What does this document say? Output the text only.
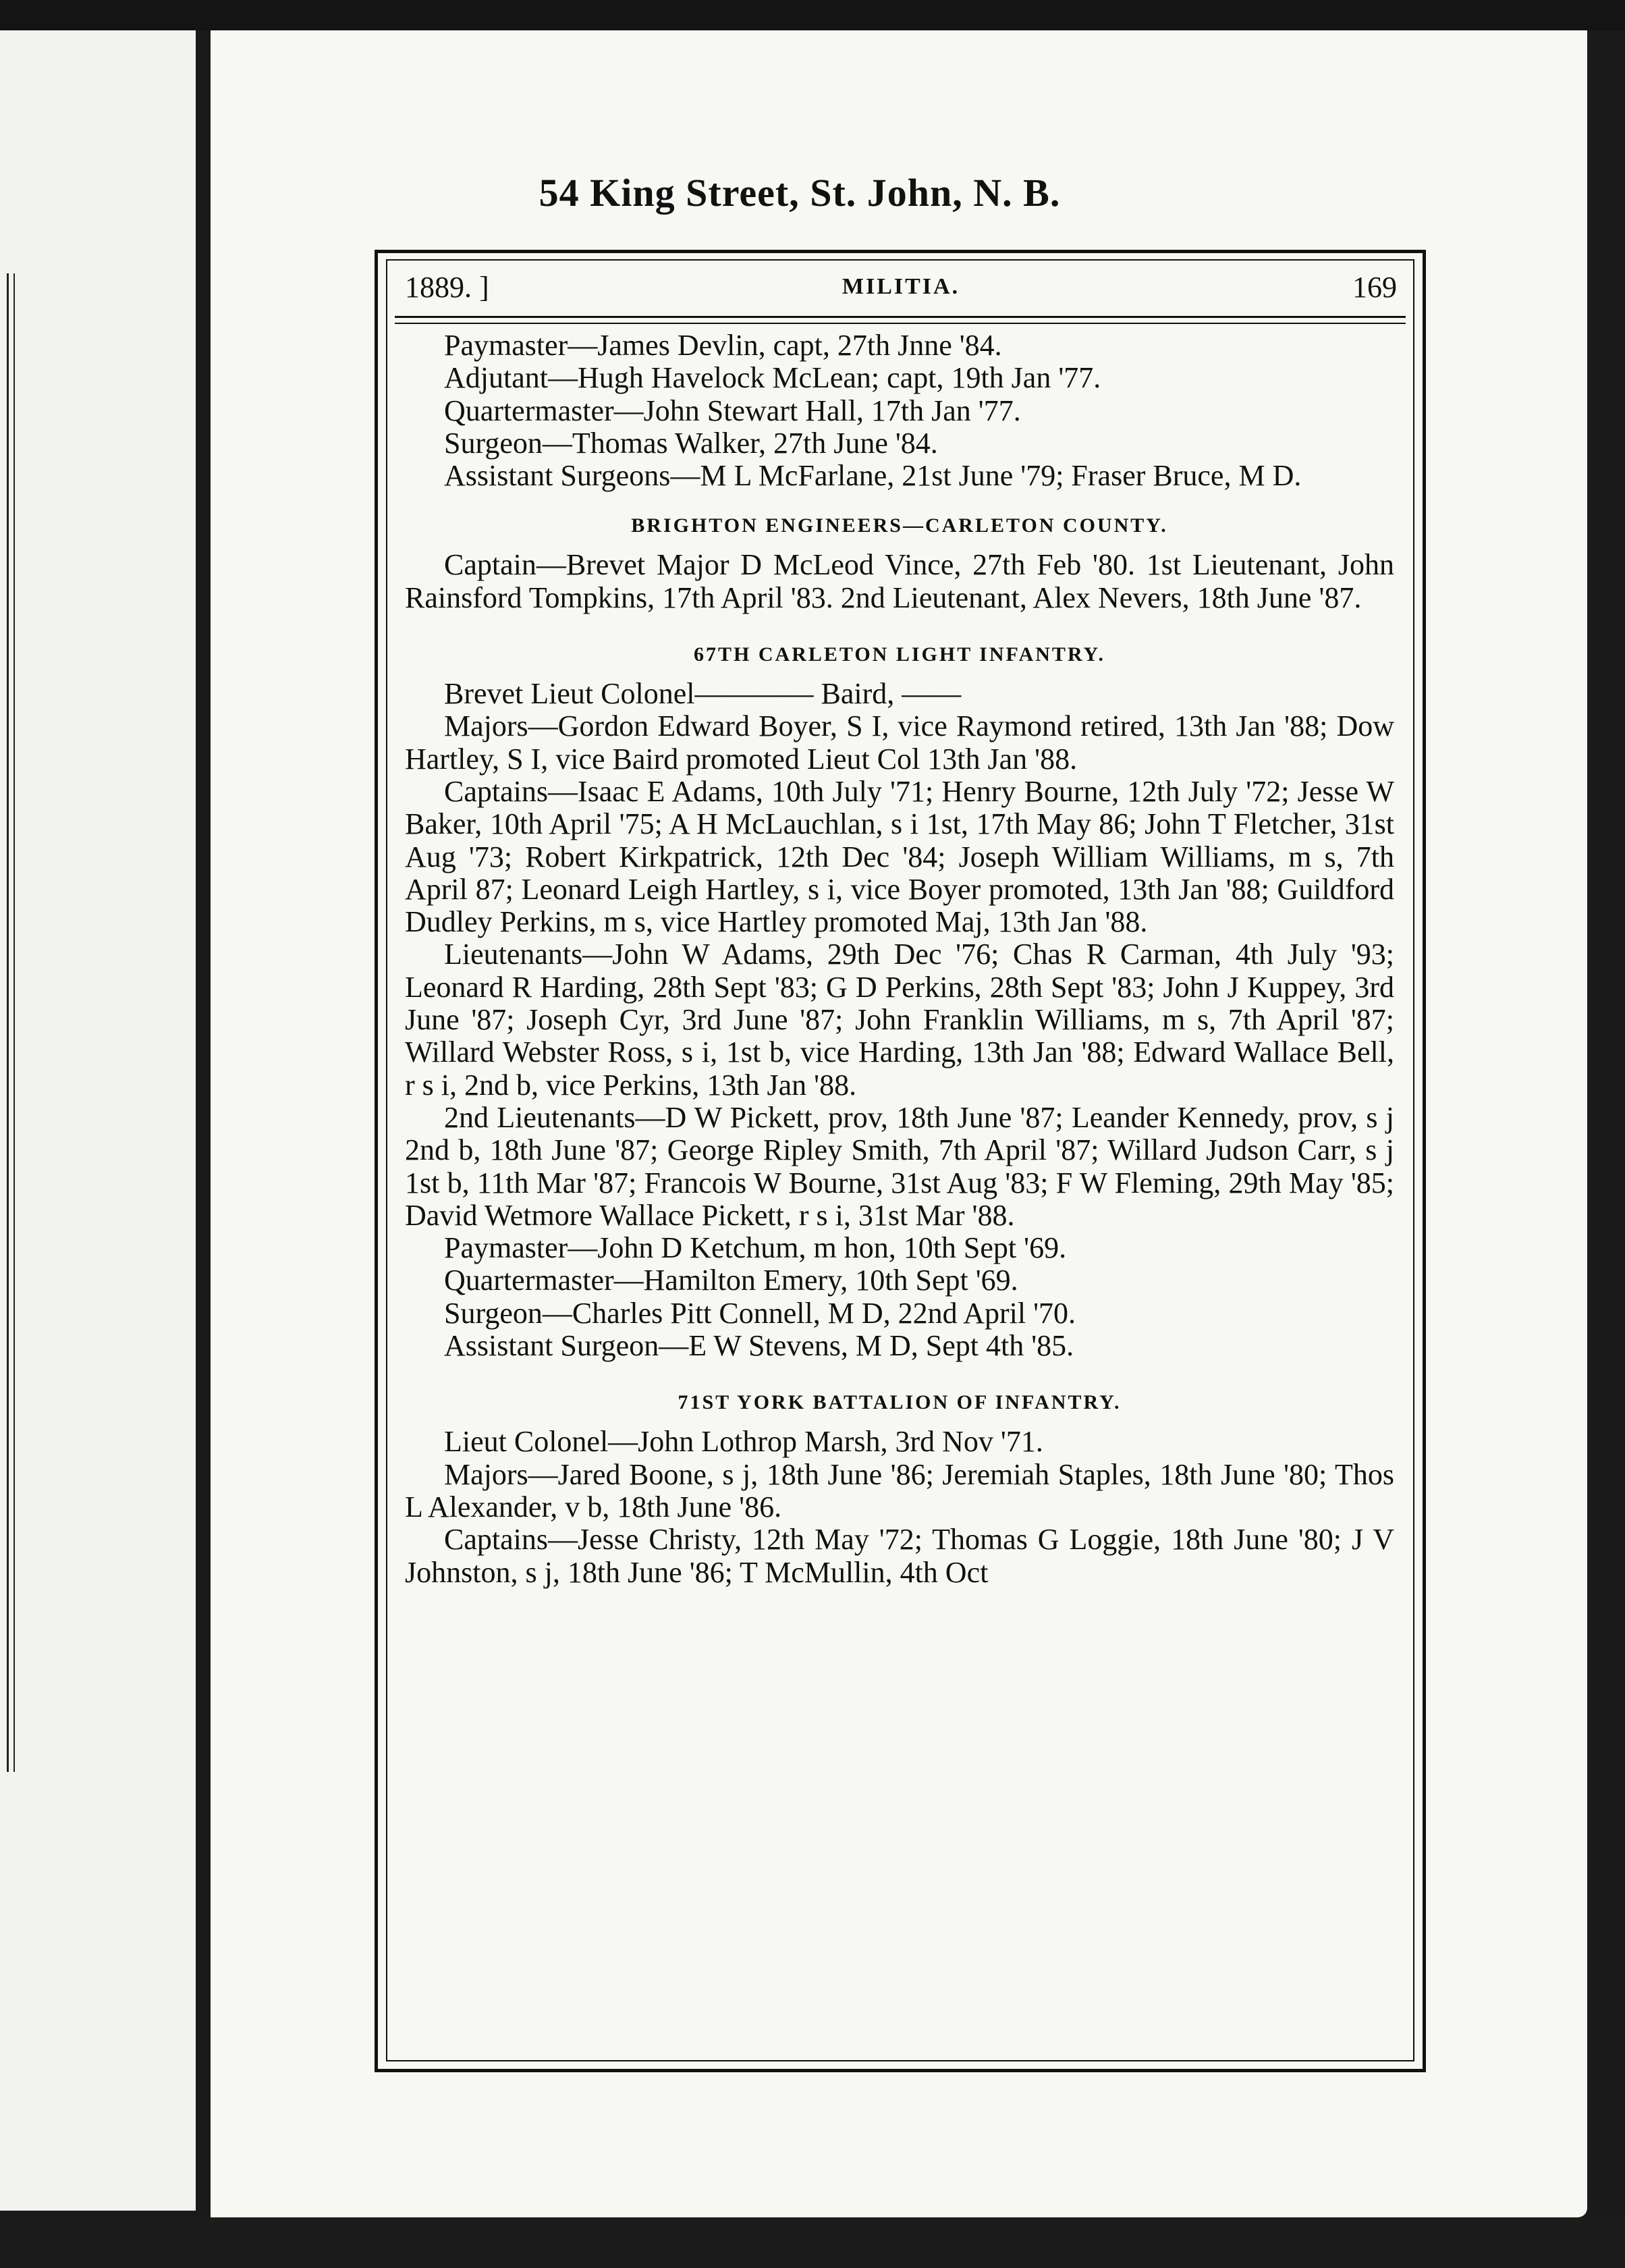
54 King Street, St. John, N. B.
1889. ]	MILITIA.	169

Paymaster—James Devlin, capt, 27th Jnne '84.

Adjutant—Hugh Havelock McLean; capt, 19th Jan '77.

Quartermaster—John Stewart Hall, 17th Jan '77.

Surgeon—Thomas Walker, 27th June '84.

Assistant Surgeons—M L McFarlane, 21st June '79; Fraser Bruce, M D.

BRIGHTON ENGINEERS—CARLETON COUNTY.

Captain—Brevet Major D McLeod Vince, 27th Feb '80. 1st Lieutenant, John Rainsford Tompkins, 17th April '83. 2nd Lieutenant, Alex Nevers, 18th June '87.

67TH CARLETON LIGHT INFANTRY.

Brevet Lieut Colonel———— Baird, ——

Majors—Gordon Edward Boyer, S I, vice Raymond retired, 13th Jan '88; Dow Hartley, S I, vice Baird promoted Lieut Col 13th Jan '88.

Captains—Isaac E Adams, 10th July '71; Henry Bourne, 12th July '72; Jesse W Baker, 10th April '75; A H McLauchlan, s i 1st, 17th May 86; John T Fletcher, 31st Aug '73; Robert Kirkpatrick, 12th Dec '84; Joseph William Williams, m s, 7th April 87; Leonard Leigh Hartley, s i, vice Boyer promoted, 13th Jan '88; Guildford Dudley Perkins, m s, vice Hartley promoted Maj, 13th Jan '88.

Lieutenants—John W Adams, 29th Dec '76; Chas R Carman, 4th July '93; Leonard R Harding, 28th Sept '83; G D Perkins, 28th Sept '83; John J Kuppey, 3rd June '87; Joseph Cyr, 3rd June '87; John Franklin Williams, m s, 7th April '87; Willard Webster Ross, s i, 1st b, vice Harding, 13th Jan '88; Edward Wallace Bell, r s i, 2nd b, vice Perkins, 13th Jan '88.

2nd Lieutenants—D W Pickett, prov, 18th June '87; Leander Kennedy, prov, s j 2nd b, 18th June '87; George Ripley Smith, 7th April '87; Willard Judson Carr, s j 1st b, 11th Mar '87; Francois W Bourne, 31st Aug '83; F W Fleming, 29th May '85; David Wetmore Wallace Pickett, r s i, 31st Mar '88.

Paymaster—John D Ketchum, m hon, 10th Sept '69.

Quartermaster—Hamilton Emery, 10th Sept '69.

Surgeon—Charles Pitt Connell, M D, 22nd April '70.

Assistant Surgeon—E W Stevens, M D, Sept 4th '85.

71ST YORK BATTALION OF INFANTRY.

Lieut Colonel—John Lothrop Marsh, 3rd Nov '71.

Majors—Jared Boone, s j, 18th June '86; Jeremiah Staples, 18th June '80; Thos L Alexander, v b, 18th June '86.

Captains—Jesse Christy, 12th May '72; Thomas G Loggie, 18th June '80; J V Johnston, s j, 18th June '86; T McMullin, 4th Oct
